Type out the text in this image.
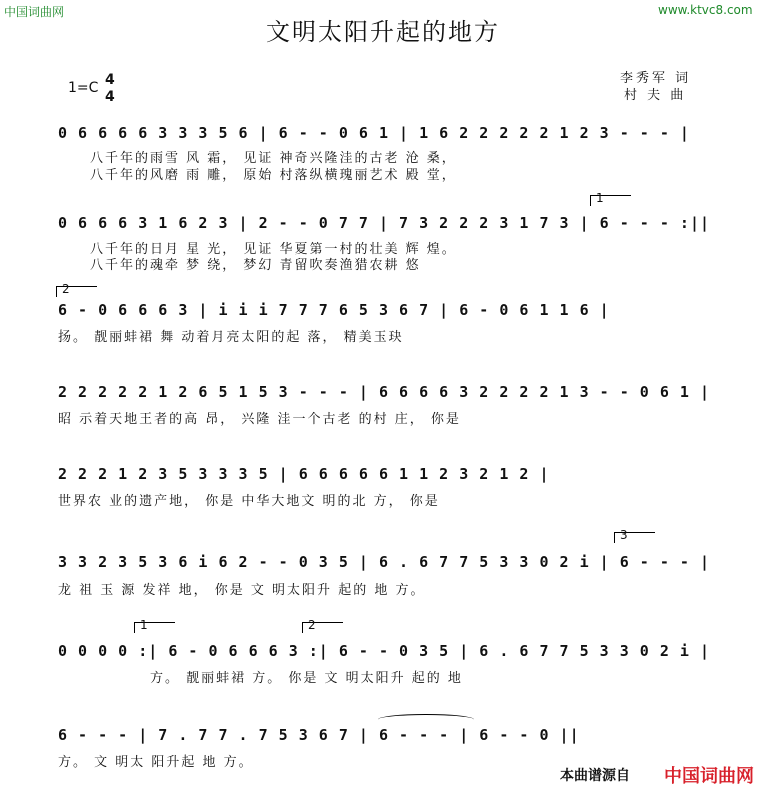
中国词曲网	www.ktvc8.com
文明太阳升起的地方
1=C 4
4
李秀军 词
村 夫 曲
0 6 6 6 6 3 3 3 5 6 | 6 - - 0 6 1 | 1 6 2 2 2 2 2 1 2 3 - - - |
八千年的雨雪 风 霜， 见证 神奇兴隆洼的古老 沧 桑，
八千年的风磨 雨 雕， 原始 村落纵横瑰丽艺术 殿 堂，
1
0 6 6 6 3 1 6 2 3 | 2 - - 0 7 7 | 7 3 2 2 2 3 1 7 3 | 6 - - - :||
八千年的日月 星 光， 见证 华夏第一村的壮美 辉 煌。
八千年的魂牵 梦 绕， 梦幻 青留吹奏渔猎农耕 悠
2
6 - 0 6 6 6 3 | i i i 7 7 7 6 5 3 6 7 | 6 - 0 6 1 1 6 |
扬。 靓丽蚌裙 舞 动着月亮太阳的起 落， 精美玉玦
2 2 2 2 2 1 2 6 5 1 5 3 - - - | 6 6 6 6 3 2 2 2 2 1 3 - - 0 6 1 |
昭 示着天地王者的高 昂， 兴隆 洼一个古老 的村 庄， 你是
2 2 2 1 2 3 5 3 3 3 5 | 6 6 6 6 6 1 1 2 3 2 1 2 |
世界农 业的遗产地， 你是 中华大地文 明的北 方， 你是
3
3 3 2 3 5 3 6 i 6 2 - - 0 3 5 | 6 . 6 7 7 5 3 3 0 2 i | 6 - - - |
龙 祖 玉 源 发祥 地， 你是 文 明太阳升 起的 地 方。
1	2
0 0 0 0 :| 6 - 0 6 6 6 3 :| 6 - - 0 3 5 | 6 . 6 7 7 5 3 3 0 2 i |
方。 靓丽蚌裙 方。 你是 文 明太阳升 起的 地
6 - - - | 7 . 7 7 . 7 5 3 6 7 | 6 - - - | 6 - - 0 ||
方。 文 明太 阳升起 地 方。
本曲谱源自 中国词曲网
